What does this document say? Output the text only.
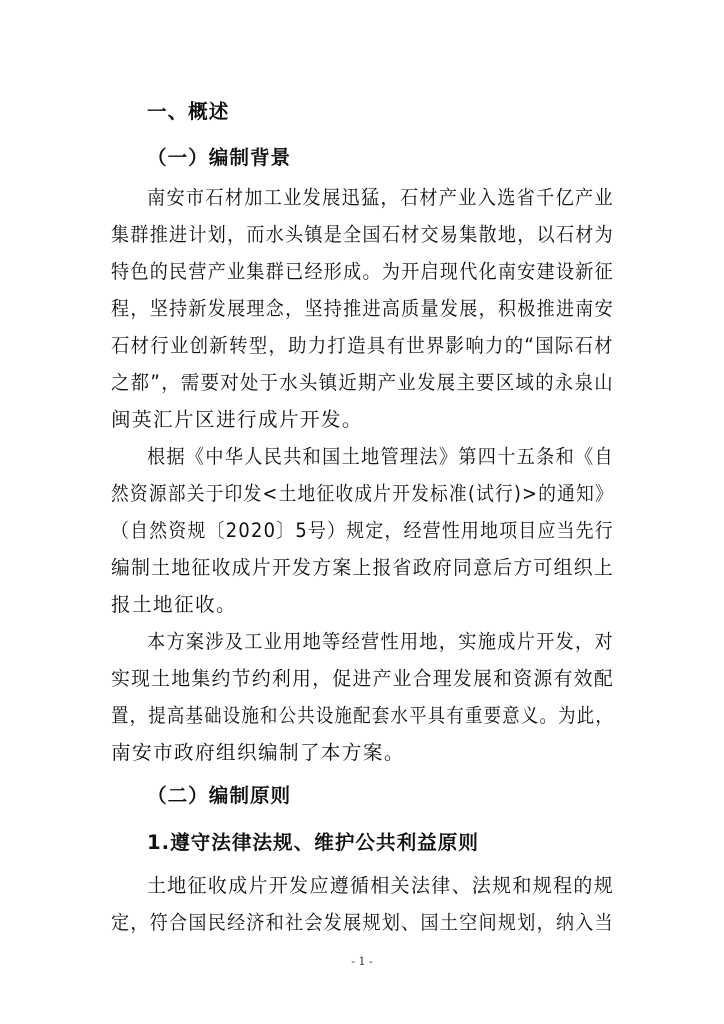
一、概述
（一）编制背景
南安市石材加工业发展迅猛，石材产业入选省千亿产业
集群推进计划，而水头镇是全国石材交易集散地，以石材为
特色的民营产业集群已经形成。为开启现代化南安建设新征
程，坚持新发展理念，坚持推进高质量发展，积极推进南安
石材行业创新转型，助力打造具有世界影响力的“国际石材
之都”，需要对处于水头镇近期产业发展主要区域的永泉山
闽英汇片区进行成片开发。
根据《中华人民共和国土地管理法》第四十五条和《自
然资源部关于印发<土地征收成片开发标准(试行)>的通知》
（自然资规〔2020〕5号）规定，经营性用地项目应当先行
编制土地征收成片开发方案上报省政府同意后方可组织上
报土地征收。
本方案涉及工业用地等经营性用地，实施成片开发，对
实现土地集约节约利用，促进产业合理发展和资源有效配
置，提高基础设施和公共设施配套水平具有重要意义。为此，
南安市政府组织编制了本方案。
（二）编制原则
1.遵守法律法规、维护公共利益原则
土地征收成片开发应遵循相关法律、法规和规程的规
定，符合国民经济和社会发展规划、国土空间规划，纳入当
- 1 -
